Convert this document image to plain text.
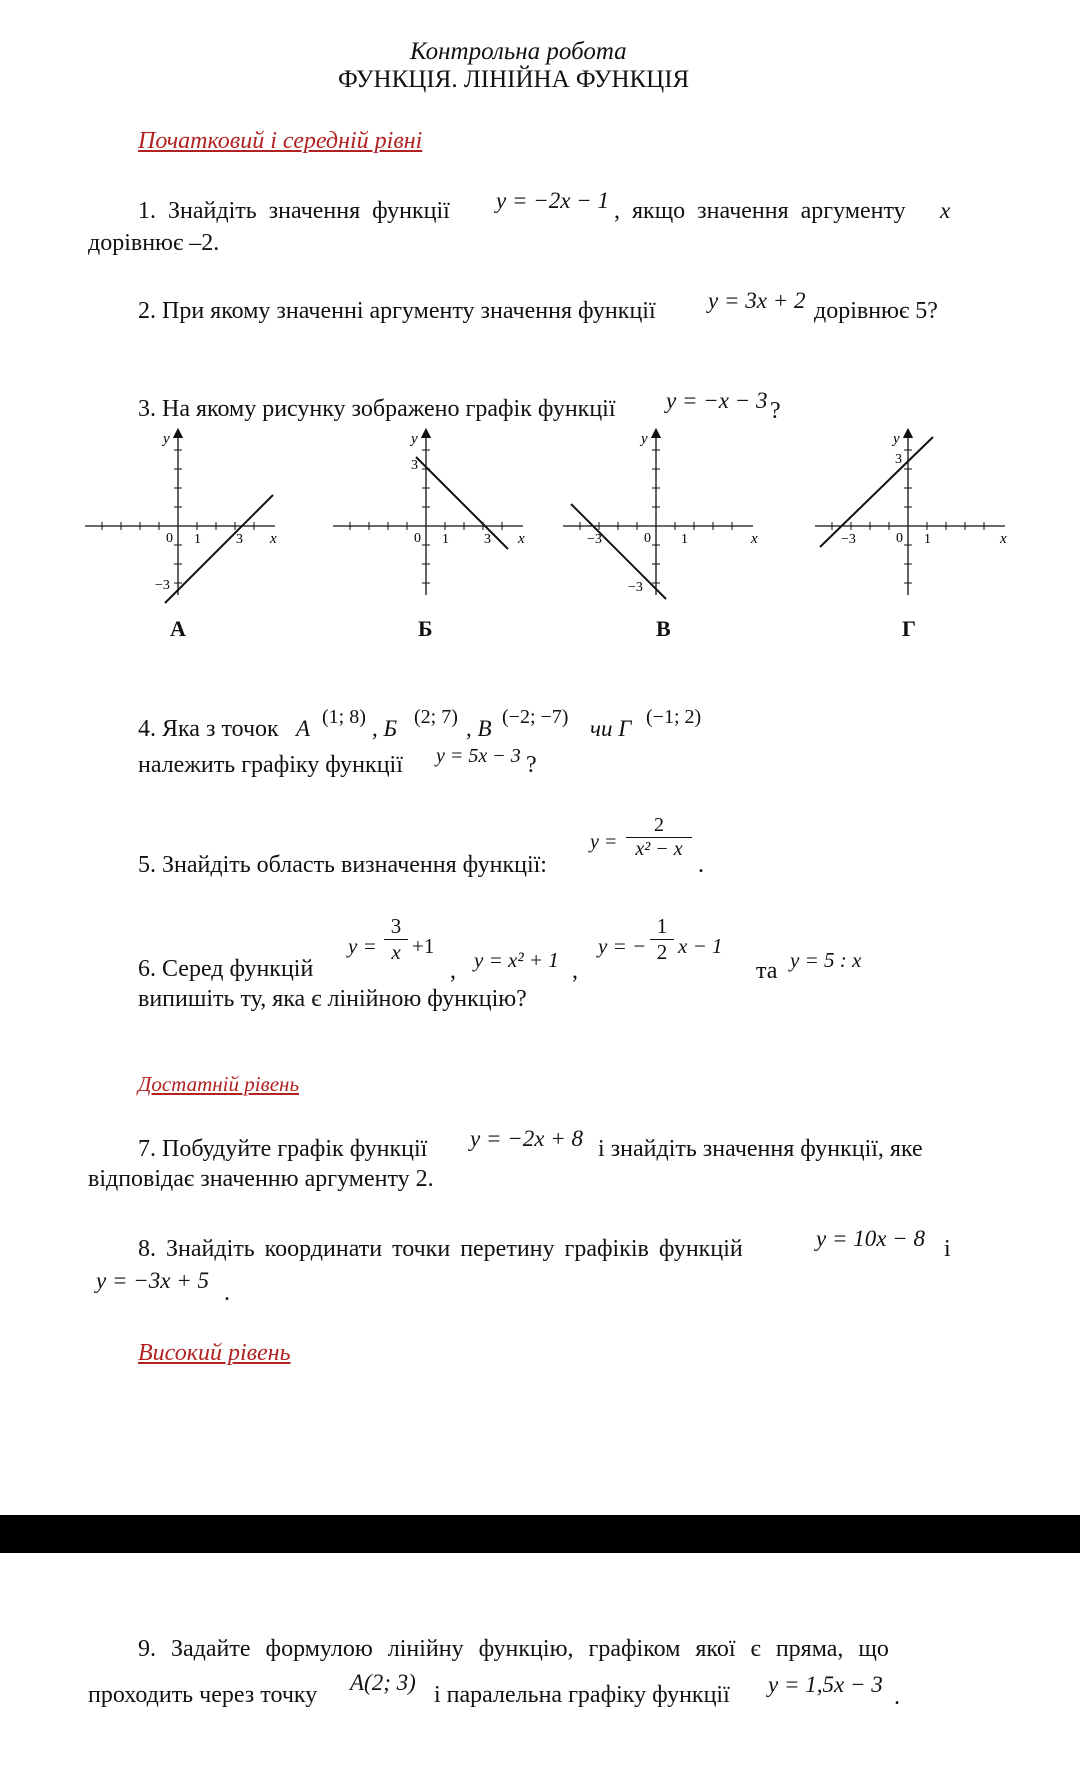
Контрольна робота
ФУНКЦІЯ. ЛІНІЙНА ФУНКЦІЯ
Початковий і середній рівні
1. Знайдіть значення функції y = −2x − 1 , якщо значення аргументу x
дорівнює –2.
2. При якому значенні аргументу значення функції y = 3x + 2 дорівнює 5?
3. На якому рисунку зображено графік функції y = −x − 3 ?
y
x
0 1	3
−3
А
y
x
0 1	3
3
Б
y
x
0 1
−3
−3
В
y
x
0 1
−3
3
Г
4. Яка з точок A (1; 8) , Б (2; 7) , В (−2; −7) чи Г (−1; 2)
належить графіку функції y = 5x − 3 ?
5. Знайдіть область визначення функції:
$y = \frac{2}{\text{x² − x}}$
.
6. Серед функцій
$y = \frac{3}{x} +1$
, y = x² + 1 ,
y = − $\frac{1}{2}$ x − 1
та y = 5 : x
випишіть ту, яка є лінійною функцію?
Достатній рівень
7. Побудуйте графік функції y = −2x + 8 і знайдіть значення функції, яке
відповідає значенню аргументу 2.
8. Знайдіть координати точки перетину графіків функцій	y = 10x − 8 і
y = −3x + 5 .
Високий рівень
9. Задайте формулою лінійну функцію, графіком якої є пряма, що
проходить через точку A(2; 3) і паралельна графіку функції y = 1,5x − 3 .
